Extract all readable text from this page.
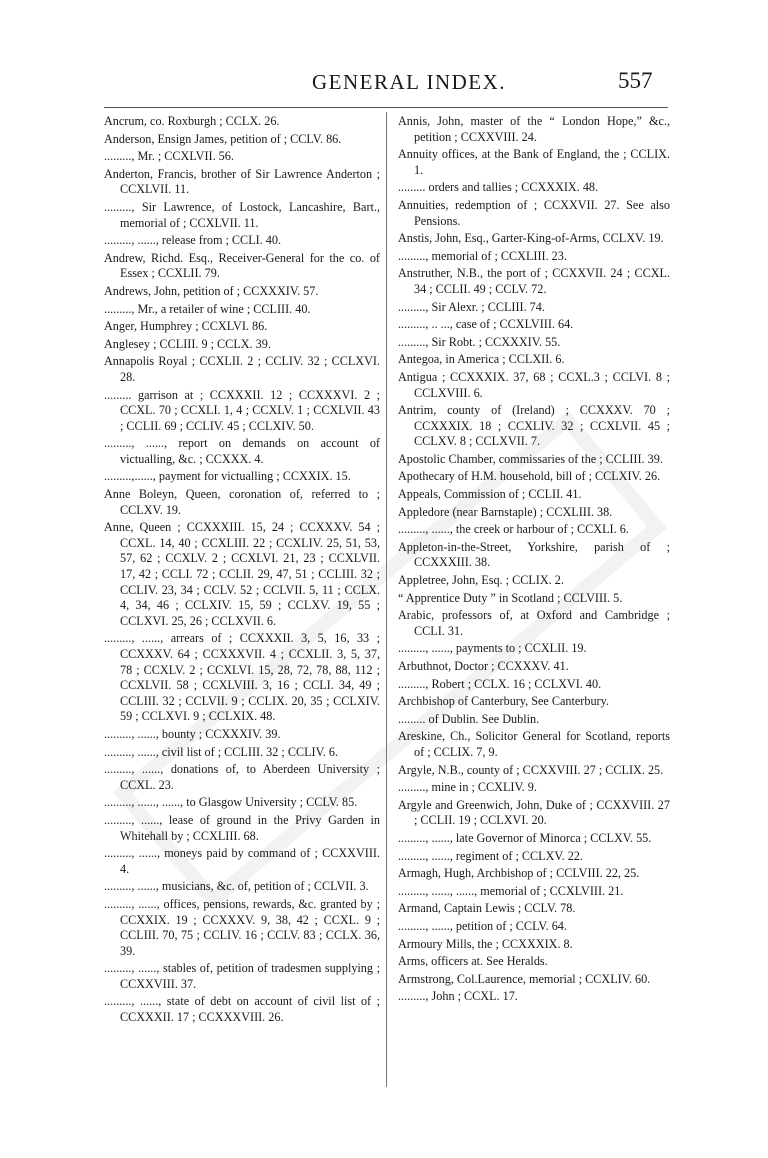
GENERAL INDEX.	557

Ancrum, co. Roxburgh ; CCLX. 26.

Anderson, Ensign James, petition of ; CCLV. 86.

........., Mr. ; CCXLVII. 56.

Anderton, Francis, brother of Sir Lawrence Anderton ; CCXLVII. 11.

........., Sir Lawrence, of Lostock, Lancashire, Bart., memorial of ; CCXLVII. 11.

........., ......, release from ; CCLI. 40.

Andrew, Richd. Esq., Receiver-General for the co. of Essex ; CCXLII. 79.

Andrews, John, petition of ; CCXXXIV. 57.

........., Mr., a retailer of wine ; CCLIII. 40.

Anger, Humphrey ; CCXLVI. 86.

Anglesey ; CCLIII. 9 ; CCLX. 39.

Annapolis Royal ; CCXLII. 2 ; CCLIV. 32 ; CCLXVI. 28.

......... garrison at ; CCXXXII. 12 ; CCXXXVI. 2 ; CCXL. 70 ; CCXLI. 1, 4 ; CCXLV. 1 ; CCXLVII. 43 ; CCLII. 69 ; CCLIV. 45 ; CCLXIV. 50.

........., ......, report on demands on account of victualling, &c. ; CCXXX. 4.

.........,......, payment for victualling ; CCXXIX. 15.

Anne Boleyn, Queen, coronation of, referred to ; CCLXV. 19.

Anne, Queen ; CCXXXIII. 15, 24 ; CCXXXV. 54 ; CCXL. 14, 40 ; CCXLIII. 22 ; CCXLIV. 25, 51, 53, 57, 62 ; CCXLV. 2 ; CCXLVI. 21, 23 ; CCXLVII. 17, 42 ; CCLI. 72 ; CCLII. 29, 47, 51 ; CCLIII. 32 ; CCLIV. 23, 34 ; CCLV. 52 ; CCLVII. 5, 11 ; CCLX. 4, 34, 46 ; CCLXIV. 15, 59 ; CCLXV. 19, 55 ; CCLXVI. 25, 26 ; CCLXVII. 6.

........., ......, arrears of ; CCXXXII. 3, 5, 16, 33 ; CCXXXV. 64 ; CCXXXVII. 4 ; CCXLII. 3, 5, 37, 78 ; CCXLV. 2 ; CCXLVI. 15, 28, 72, 78, 88, 112 ; CCXLVII. 58 ; CCXLVIII. 3, 16 ; CCLI. 34, 49 ; CCLIII. 32 ; CCLVII. 9 ; CCLIX. 20, 35 ; CCLXIV. 59 ; CCLXVI. 9 ; CCLXIX. 48.

........., ......, bounty ; CCXXXIV. 39.

........., ......, civil list of ; CCLIII. 32 ; CCLIV. 6.

........., ......, donations of, to Aberdeen University ; CCXL. 23.

........., ......, ......, to Glasgow University ; CCLV. 85.

........., ......, lease of ground in the Privy Garden in Whitehall by ; CCXLIII. 68.

........., ......, moneys paid by command of ; CCXXVIII. 4.

........., ......, musicians, &c. of, petition of ; CCLVII. 3.

........., ......, offices, pensions, rewards, &c. granted by ; CCXXIX. 19 ; CCXXXV. 9, 38, 42 ; CCXL. 9 ; CCLIII. 70, 75 ; CCLIV. 16 ; CCLV. 83 ; CCLX. 36, 39.

........., ......, stables of, petition of tradesmen supplying ; CCXXVIII. 37.

........., ......, state of debt on account of civil list of ; CCXXXII. 17 ; CCXXXVIII. 26.

Annis, John, master of the “ London Hope,” &c., petition ; CCXXVIII. 24.

Annuity offices, at the Bank of England, the ; CCLIX. 1.

......... orders and tallies ; CCXXXIX. 48.

Annuities, redemption of ; CCXXVII. 27. See also Pensions.

Anstis, John, Esq., Garter-King-of-Arms, CCLXV. 19.

........., memorial of ; CCXLIII. 23.

Anstruther, N.B., the port of ; CCXXVII. 24 ; CCXL. 34 ; CCLII. 49 ; CCLV. 72.

........., Sir Alexr. ; CCLIII. 74.

........., .. ..., case of ; CCXLVIII. 64.

........., Sir Robt. ; CCXXXIV. 55.

Antegoa, in America ; CCLXII. 6.

Antigua ; CCXXXIX. 37, 68 ; CCXL.3 ; CCLVI. 8 ; CCLXVIII. 6.

Antrim, county of (Ireland) ; CCXXXV. 70 ; CCXXXIX. 18 ; CCXLIV. 32 ; CCXLVII. 45 ; CCLXV. 8 ; CCLXVII. 7.

Apostolic Chamber, commissaries of the ; CCLIII. 39.

Apothecary of H.M. household, bill of ; CCLXIV. 26.

Appeals, Commission of ; CCLII. 41.

Appledore (near Barnstaple) ; CCXLIII. 38.

........., ......, the creek or harbour of ; CCXLI. 6.

Appleton-in-the-Street, Yorkshire, parish of ; CCXXXIII. 38.

Appletree, John, Esq. ; CCLIX. 2.

“ Apprentice Duty ” in Scotland ; CCLVIII. 5.

Arabic, professors of, at Oxford and Cambridge ; CCLI. 31.

........., ......, payments to ; CCXLII. 19.

Arbuthnot, Doctor ; CCXXXV. 41.

........., Robert ; CCLX. 16 ; CCLXVI. 40.

Archbishop of Canterbury, See Canterbury.

......... of Dublin. See Dublin.

Areskine, Ch., Solicitor General for Scotland, reports of ; CCLIX. 7, 9.

Argyle, N.B., county of ; CCXXVIII. 27 ; CCLIX. 25.

........., mine in ; CCXLIV. 9.

Argyle and Greenwich, John, Duke of ; CCXXVIII. 27 ; CCLII. 19 ; CCLXVI. 20.

........., ......, late Governor of Minorca ; CCLXV. 55.

........., ......, regiment of ; CCLXV. 22.

Armagh, Hugh, Archbishop of ; CCLVIII. 22, 25.

........., ......, ......, memorial of ; CCXLVIII. 21.

Armand, Captain Lewis ; CCLV. 78.

........., ......, petition of ; CCLV. 64.

Armoury Mills, the ; CCXXXIX. 8.

Arms, officers at. See Heralds.

Armstrong, Col.Laurence, memorial ; CCXLIV. 60.

........., John ; CCXL. 17.
